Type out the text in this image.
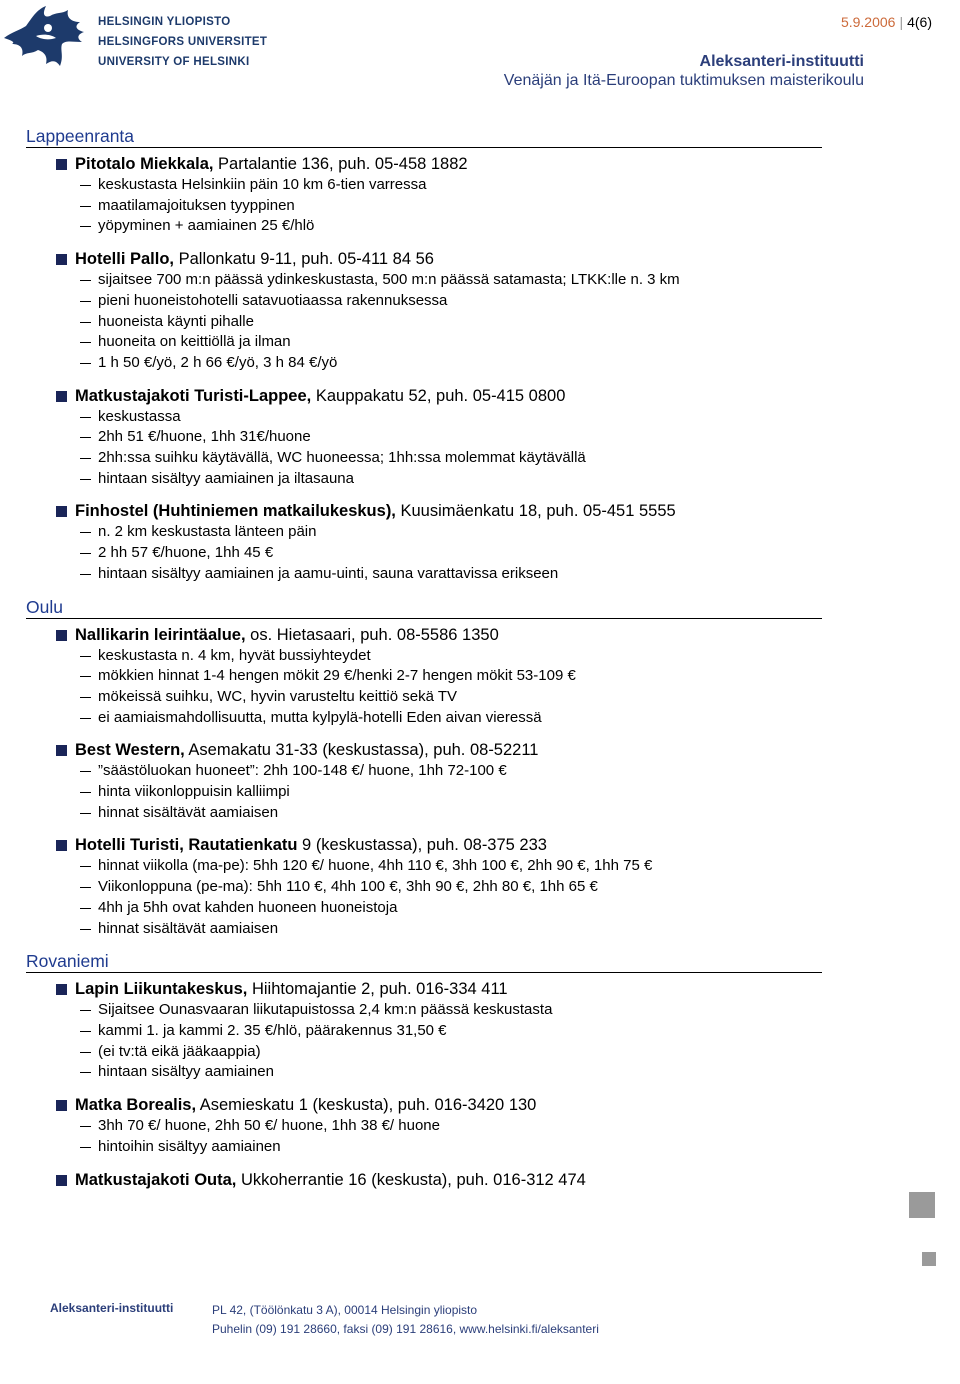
HELSINGIN YLIOPISTO
HELSINGFORS UNIVERSITET
UNIVERSITY OF HELSINKI
5.9.2006 | 4(6)
Aleksanteri-instituutti
Venäjän ja Itä-Euroopan tuktimuksen maisterikoulu
Lappeenranta
Pitotalo Miekkala, Partalantie 136, puh. 05-458 1882
keskustasta Helsinkiin päin 10 km 6-tien varressa
maatilamajoituksen tyyppinen
yöpyminen + aamiainen 25 €/hlö
Hotelli Pallo, Pallonkatu 9-11, puh. 05-411 84 56
sijaitsee 700 m:n päässä ydinkeskustasta, 500 m:n päässä satamasta; LTKK:lle n. 3 km
pieni huoneistohotelli satavuotiaassa rakennuksessa
huoneista käynti pihalle
huoneita on keittiöllä ja ilman
1 h 50 €/yö, 2 h 66 €/yö, 3 h 84 €/yö
Matkustajakoti Turisti-Lappee, Kauppakatu 52, puh. 05-415 0800
keskustassa
2hh 51 €/huone, 1hh 31€/huone
2hh:ssa suihku käytävällä, WC huoneessa; 1hh:ssa molemmat käytävällä
hintaan sisältyy aamiainen ja iltasauna
Finhostel (Huhtiniemen matkailukeskus), Kuusimäenkatu 18, puh. 05-451 5555
n. 2 km keskustasta länteen päin
2 hh 57 €/huone, 1hh 45 €
hintaan sisältyy aamiainen ja aamu-uinti, sauna varattavissa erikseen
Oulu
Nallikarin leirintäalue, os. Hietasaari, puh. 08-5586 1350
keskustasta n. 4 km, hyvät bussiyhteydet
mökkien hinnat 1-4 hengen mökit 29 €/henki 2-7 hengen mökit 53-109 €
mökeissä suihku, WC, hyvin varusteltu keittiö sekä TV
ei aamiaismahdollisuutta, mutta kylpylä-hotelli Eden aivan vieressä
Best Western, Asemakatu 31-33 (keskustassa), puh. 08-52211
”säästöluokan huoneet”: 2hh 100-148 €/ huone, 1hh 72-100 €
hinta viikonloppuisin kalliimpi
hinnat sisältävät aamiaisen
Hotelli Turisti, Rautatienkatu 9 (keskustassa), puh. 08-375 233
hinnat viikolla (ma-pe): 5hh 120 €/ huone, 4hh 110 €, 3hh 100 €, 2hh 90 €, 1hh 75 €
Viikonloppuna (pe-ma): 5hh 110 €, 4hh 100 €, 3hh 90 €, 2hh 80 €, 1hh 65 €
4hh ja 5hh ovat kahden huoneen huoneistoja
hinnat sisältävät aamiaisen
Rovaniemi
Lapin Liikuntakeskus, Hiihtomajantie 2, puh. 016-334 411
Sijaitsee Ounasvaaran liikutapuistossa 2,4 km:n päässä keskustasta
kammi 1. ja kammi 2. 35 €/hlö, päärakennus 31,50 €
(ei tv:tä eikä jääkaappia)
hintaan sisältyy aamiainen
Matka Borealis, Asemieskatu 1 (keskusta), puh. 016-3420 130
3hh 70 €/ huone, 2hh 50 €/ huone, 1hh 38 €/ huone
hintoihin sisältyy aamiainen
Matkustajakoti Outa, Ukkoherrantie 16 (keskusta), puh. 016-312 474
Aleksanteri-instituutti	PL 42, (Töölönkatu 3 A), 00014 Helsingin yliopisto
Puhelin (09) 191 28660, faksi (09) 191 28616, www.helsinki.fi/aleksanteri
